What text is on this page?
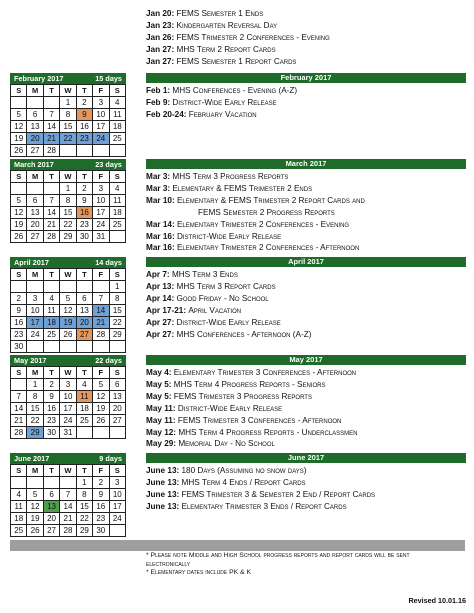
Jan 20: FEMS Semester 1 Ends
Jan 23: Kindergarten Reversal Day
Jan 26: FEMS Trimester 2 Conferences - Evening
Jan 27: MHS Term 2 Report Cards
Jan 27: FEMS Semester 1 Report Cards
February 2017	15 days
S	M	T	W	T	F	S
			1	2	3	4
5	6	7	8	9	10	11
12	13	14	15	16	17	18
19	20	21	22	23	24	25
26	27	28				
February 2017
Feb 1: MHS Conferences - Evening (A-Z)
Feb 9: District-Wide Early Release
Feb 20-24: February Vacation
March 2017	23 days
S	M	T	W	T	F	S
			1	2	3	4
5	6	7	8	9	10	11
12	13	14	15	16	17	18
19	20	21	22	23	24	25
26	27	28	29	30	31	
March 2017
Mar 3: MHS Term 3 Progress Reports
Mar 3: Elementary & FEMS Trimester 2 Ends
Mar 10: Elementary & FEMS Trimester 2 Report Cards and
FEMS Semester 2 Progress Reports
Mar 14: Elementary Trimester 2 Conferences - Evening
Mar 16: District-Wide Early Release
Mar 16: Elementary Trimester 2 Conferences - Afternoon
April 2017	14 days
S	M	T	W	T	F	S
						1
2	3	4	5	6	7	8
9	10	11	12	13	14	15
16	17	18	19	20	21	22
23	24	25	26	27	28	29
30						
April 2017
Apr 7: MHS Term 3 Ends
Apr 13: MHS Term 3 Report Cards
Apr 14: Good Friday - No School
Apr 17-21: April Vacation
Apr 27: District-Wide Early Release
Apr 27: MHS Conferences - Afternoon (A-Z)
May 2017	22 days
S	M	T	W	T	F	S
	1	2	3	4	5	6
7	8	9	10	11	12	13
14	15	16	17	18	19	20
21	22	23	24	25	26	27
28	29	30	31			
May 2017
May 4: Elementary Trimester 3 Conferences - Afternoon
May 5: MHS Term 4 Progress Reports - Seniors
May 5: FEMS Trimester 3 Progress Reports
May 11: District-Wide Early Release
May 11: FEMS Trimester 3 Conferences - Afternoon
May 12: MHS Term 4 Progress Reports - Underclassmen
May 29: Memorial Day - No School
June 2017	9 days
S	M	T	W	T	F	S
				1	2	3
4	5	6	7	8	9	10
11	12	13	14	15	16	17
18	19	20	21	22	23	24
25	26	27	28	29	30	
June 2017
June 13: 180 Days (Assuming no snow days)
June 13: MHS Term 4 Ends / Report Cards
June 13: FEMS Trimester 3 & Semester 2 End / Report Cards
June 13: Elementary Trimester 3 Ends / Report Cards
* Please note Middle and High School progress reports and report cards will be sent electronically
* Elementary dates include PK & K
Revised 10.01.16
